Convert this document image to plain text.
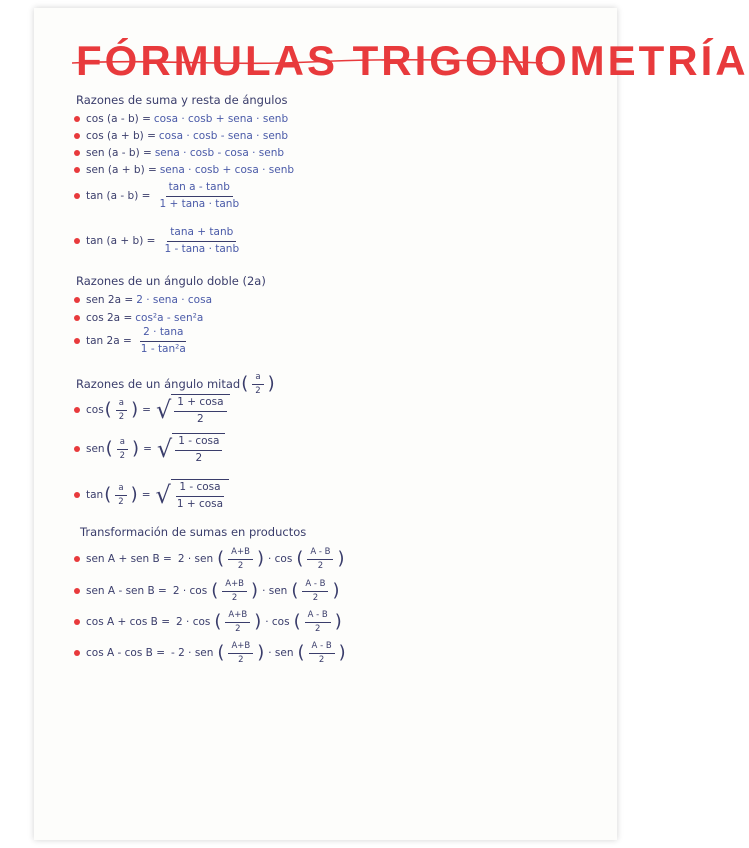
FÓRMULAS TRIGONOMETRÍA
Razones de suma y resta de ángulos
cos (a - b) = cosa · cosb + sena · senb
cos (a + b) = cosa · cosb - sena · senb
sen (a - b) = sena · cosb - cosa · senb
sen (a + b) = sena · cosb + cosa · senb
$\tan (a - b) = \frac{\text{tan a - tanb}}{1 + \tan a \cdot \tan b}$
$\tan (a + b) = \frac{\tan a + \tan b}{1 - \tan a \cdot \tan b}$
Razones de un ángulo doble (2a)
sen 2a = 2 · sena · cosa
cos 2a = cos²a - sen²a
$\tan 2a = \frac{2 \cdot \tan a}{\text{1 - tan²a}}$
Razones de un ángulo mitad ( $\frac{a}{2}$ )
cos ( $\frac{a}{2}$ ) = √ $\frac{1 + \cos a}{2}$
sen ( $\frac{a}{2}$ ) = √ $\frac{1 - \cos a}{2}$
tan ( $\frac{a}{2}$ ) = √ $\frac{1 - \cos a}{1 + \cos a}$
Transformación de sumas en productos
sen A + sen B = 2 · sen ( $\frac{A+B}{2}$ ) · cos ( $\frac{A - B}{2}$ )
sen A - sen B = 2 · cos ( $\frac{A+B}{2}$ ) · sen ( $\frac{A - B}{2}$ )
cos A + cos B = 2 · cos ( $\frac{A+B}{2}$ ) · cos ( $\frac{A - B}{2}$ )
cos A - cos B = - 2 · sen ( $\frac{A+B}{2}$ ) · sen ( $\frac{A - B}{2}$ )
